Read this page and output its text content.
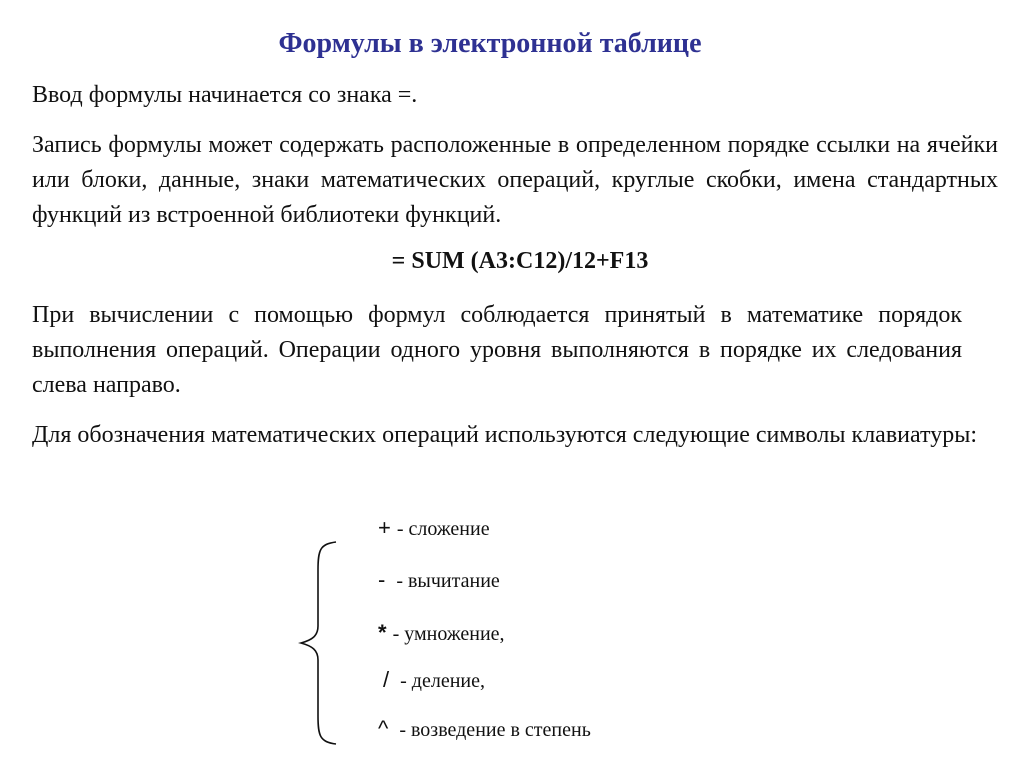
Формулы в электронной таблице

Ввод формулы начинается со знака =.

Запись формулы может содержать расположенные в определенном порядке ссылки на ячейки или блоки, данные, знаки математических операций, круглые скобки, имена стандартных функций из встроенной библиотеки функций.

= SUM (A3:C12)/12+F13

При вычислении с помощью формул соблюдается принятый в математике порядок выполнения операций. Операции одного уровня выполняются в порядке их следования слева направо.

Для обозначения математических операций используются следующие символы клавиатуры:

+ - сложение
- - вычитание
* - умножение,
/ - деление,
^ - возведение в степень
